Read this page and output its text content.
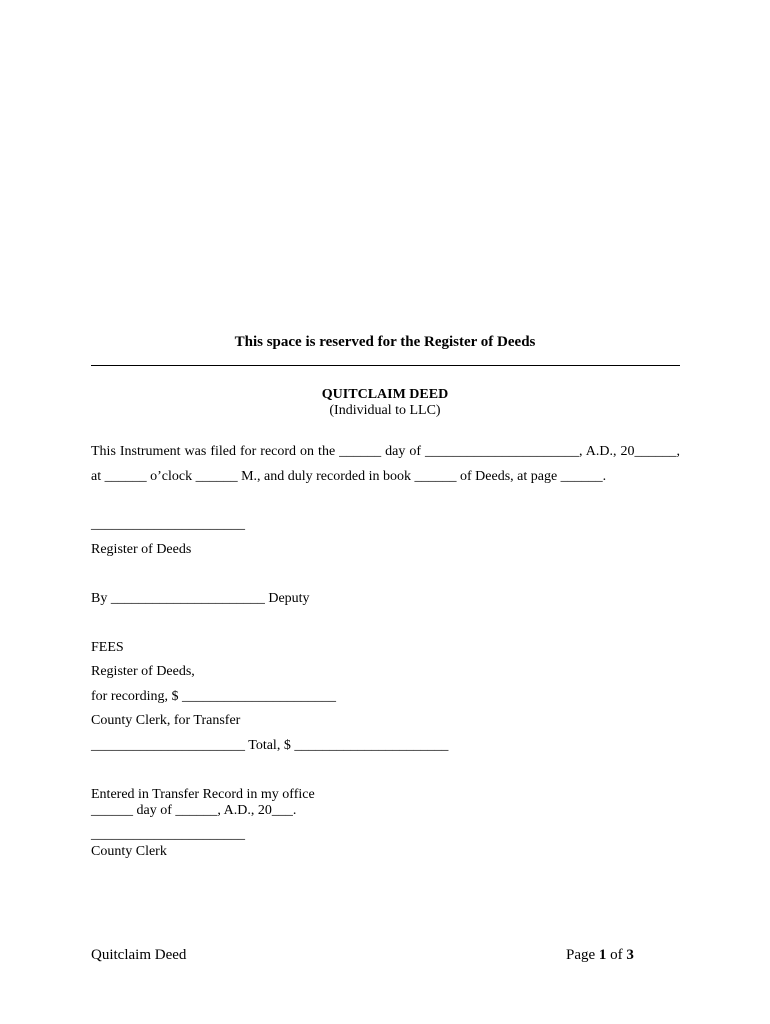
This space is reserved for the Register of Deeds
QUITCLAIM DEED
(Individual to LLC)
This Instrument was filed for record on the ______ day of ______________________, A.D., 20______,
at ______ o’clock ______ M., and duly recorded in book ______ of Deeds, at page ______.
______________________
Register of Deeds
By ______________________ Deputy
FEES
Register of Deeds,
for recording, $ ______________________
County Clerk, for Transfer
______________________ Total, $ ______________________
Entered in Transfer Record in my office
______ day of ______, A.D., 20___.
______________________
County Clerk
Quitclaim Deed	Page 1 of 3
